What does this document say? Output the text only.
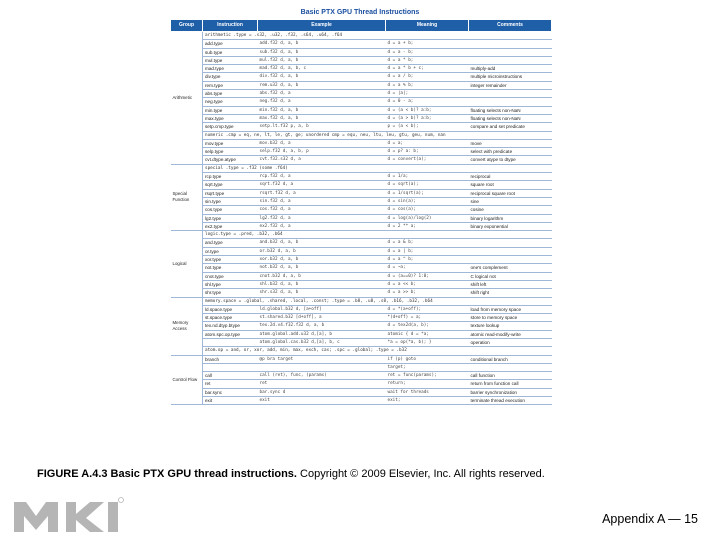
Basic PTX GPU Thread Instructions
Group	Instruction	Example	Meaning	Comments
Arithmetic	arithmetic .type = .s32, .u32, .f32, .s64, .u64, .f64			
	add.type	add.f32 d, a, b	d = a + b;	
	sub.type	sub.f32 d, a, b	d = a - b;	
	mul.type	mul.f32 d, a, b	d = a * b;	
	mad.type	mad.f32 d, a, b, c	d = a * b + c;	multiply-add
	div.type	div.f32 d, a, b	d = a / b;	multiple microinstructions
	rem.type	rem.u32 d, a, b	d = a % b;	integer remainder
	abs.type	abs.f32 d, a	d = |a|;	
	neg.type	neg.f32 d, a	d = 0 - a;	
	min.type	min.f32 d, a, b	d = (a < b)? a:b;	floating selects non-NaN
	max.type	max.f32 d, a, b	d = (a > b)? a:b;	floating selects non-NaN
	setp.cmp.type	setp.lt.f32 p, a, b	p = (a < b);	compare and set predicate
	numeric .cmp = eq, ne, lt, le, gt, ge; unordered cmp = equ, neu, ltu, leu, gtu, geu, num, nan			
	mov.type	mov.b32 d, a	d = a;	move
	selp.type	selp.f32 d, a, b, p	d = p? a: b;	select with predicate
	cvt.dtype.atype	cvt.f32.s32 d, a	d = convert(a);	convert atype to dtype
Special Function	special .type = .f32 (some .f64)			
	rcp.type	rcp.f32 d, a	d = 1/a;	reciprocal
	sqrt.type	sqrt.f32 d, a	d = sqrt(a);	square root
	rsqrt.type	rsqrt.f32 d, a	d = 1/sqrt(a);	reciprocal square root
	sin.type	sin.f32 d, a	d = sin(a);	sine
	cos.type	cos.f32 d, a	d = cos(a);	cosine
	lg2.type	lg2.f32 d, a	d = log(a)/log(2)	binary logarithm
	ex2.type	ex2.f32 d, a	d = 2 ** a;	binary exponential
Logical	logic.type = .pred, .b32, .b64			
	and.type	and.b32 d, a, b	d = a & b;	
	or.type	or.b32 d, a, b	d = a | b;	
	xor.type	xor.b32 d, a, b	d = a ^ b;	
	not.type	not.b32 d, a, b	d = ~a;	one's complement
	cnot.type	cnot.b32 d, a, b	d = (a==0)? 1:0;	C logical not
	shl.type	shl.b32 d, a, b	d = a << b;	shift left
	shr.type	shr.s32 d, a, b	d = a >> b;	shift right
Memory Access	memory.space = .global, .shared, .local, .const; .type = .b8, .u8, .s8, .b16, .b32, .b64			
	ld.space.type	ld.global.b32 d, [a+off]	d = *(a+off);	load from memory space
	st.space.type	st.shared.b32 [d+off], a	*(d+off) = a;	store to memory space
	tex.nd.dtyp.btype	tex.2d.v4.f32.f32 d, a, b	d = tex2d(a, b);	texture lookup
	atom.spc.op.type	atom.global.add.u32 d,[a], b	atomic { d = *a;	atomic read-modify-write
		atom.global.cas.b32 d,[a], b, c	*a = op(*a, b); }	operation
	atom.op = and, or, xor, add, min, max, exch, cas; .spc = .global; .type = .b32			
Control Flow	branch	@p bra target	if (p) goto	conditional branch
			target;	
	call	call (ret), func, (params)	ret = func(params);	call function
	ret	ret	return;	return from function call
	bar.sync	bar.sync d	wait for threads	barrier synchronization
	exit	exit	exit;	terminate thread execution
FIGURE A.4.3 Basic PTX GPU thread instructions. Copyright © 2009 Elsevier, Inc. All rights reserved.
MK
Appendix A — 15
